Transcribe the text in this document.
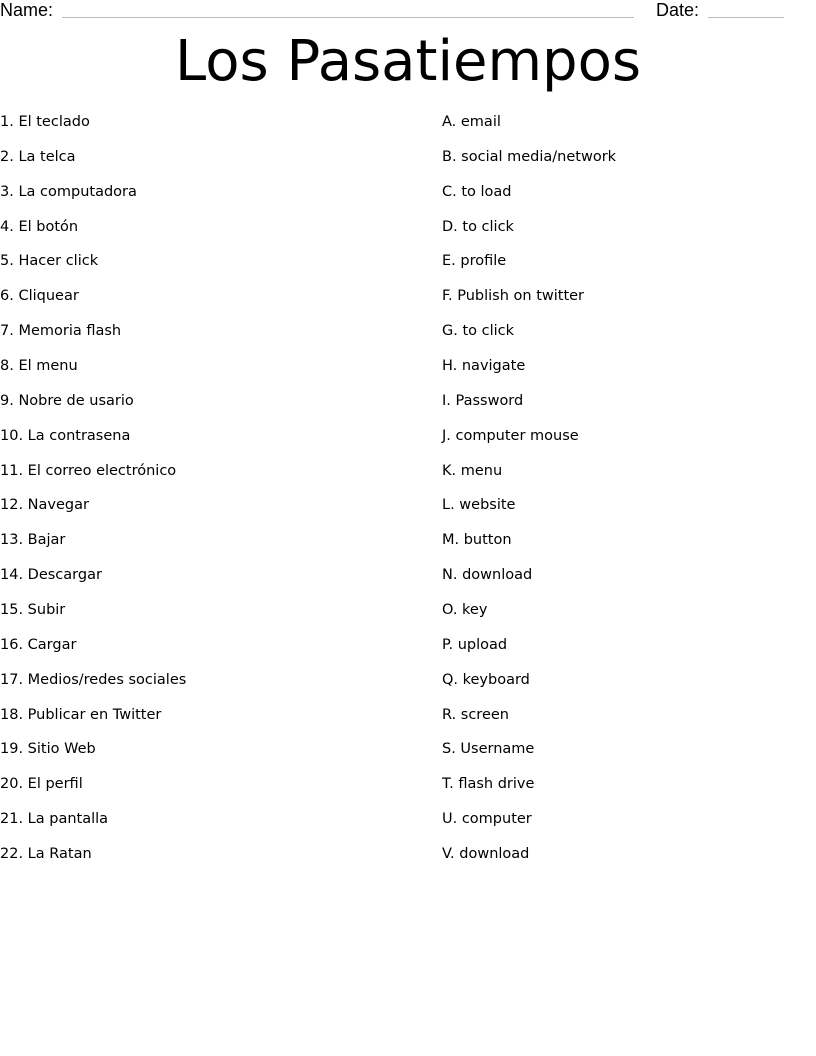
Name:	Date:
Los Pasatiempos
1. El teclado
2. La telca
3. La computadora
4. El botón
5. Hacer click
6. Cliquear
7. Memoria flash
8. El menu
9. Nobre de usario
10. La contrasena
11. El correo electrónico
12. Navegar
13. Bajar
14. Descargar
15. Subir
16. Cargar
17. Medios/redes sociales
18. Publicar en Twitter
19. Sitio Web
20. El perfil
21. La pantalla
22. La Ratan
A. email
B. social media/network
C. to load
D. to click
E. profile
F. Publish on twitter
G. to click
H. navigate
I. Password
J. computer mouse
K. menu
L. website
M. button
N. download
O. key
P. upload
Q. keyboard
R. screen
S. Username
T. flash drive
U. computer
V. download
